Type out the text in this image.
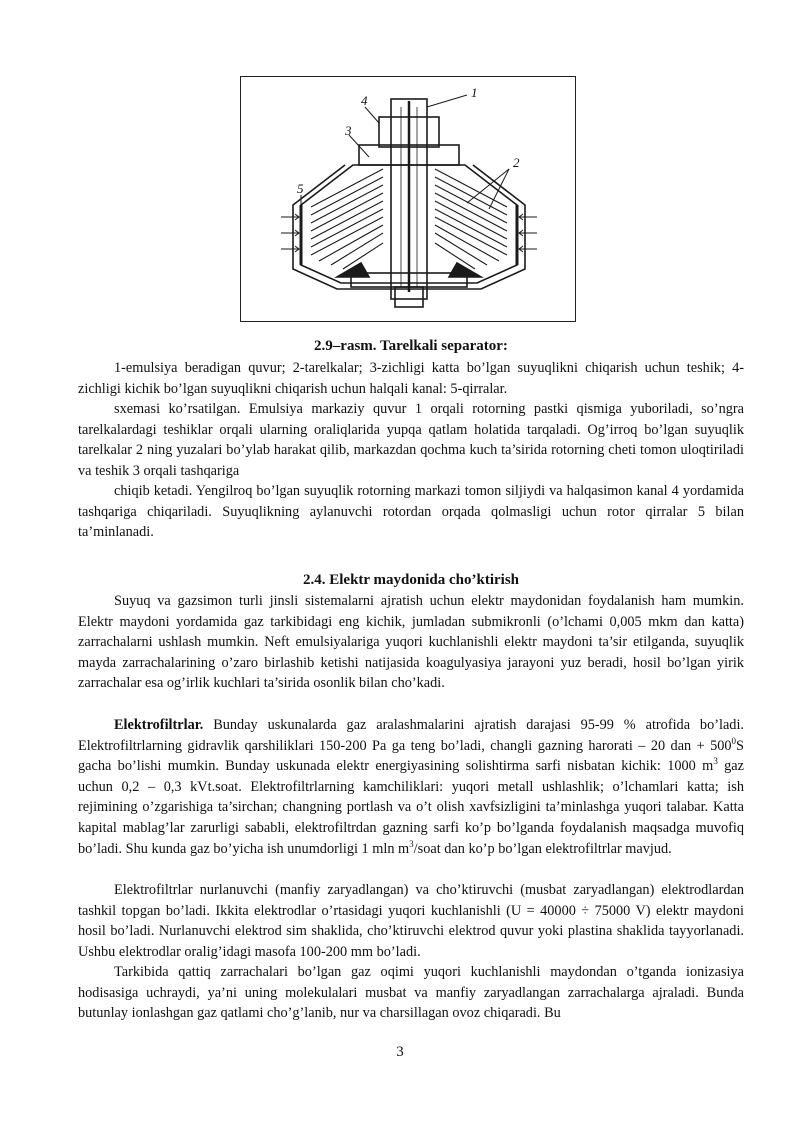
1
2
3
4
5
2.9–rasm. Tarelkali separator:
1-emulsiya beradigan quvur; 2-tarelkalar; 3-zichligi katta bo’lgan suyuqlikni chiqarish uchun teshik; 4-zichligi kichik bo’lgan suyuqlikni chiqarish uchun halqali kanal: 5-qirralar.
sxemasi ko’rsatilgan. Emulsiya markaziy quvur 1 orqali rotorning pastki qismiga yuboriladi, so’ngra tarelkalardagi teshiklar orqali ularning oraliqlarida yupqa qatlam holatida tarqaladi. Og’irroq bo’lgan suyuqlik tarelkalar 2 ning yuzalari bo’ylab harakat qilib, markazdan qochma kuch ta’sirida rotorning cheti tomon uloqtiriladi va teshik 3 orqali tashqariga
chiqib ketadi. Yengilroq bo’lgan suyuqlik rotorning markazi tomon siljiydi va halqasimon kanal 4 yordamida tashqariga chiqariladi. Suyuqlikning aylanuvchi rotordan orqada qolmasligi uchun rotor qirralar 5 bilan ta’minlanadi.
2.4. Elektr maydonida cho’ktirish
Suyuq va gazsimon turli jinsli sistemalarni ajratish uchun elektr maydonidan foydalanish ham mumkin. Elektr maydoni yordamida gaz tarkibidagi eng kichik, jumladan submikronli (o’lchami 0,005 mkm dan katta) zarrachalarni ushlash mumkin. Neft emulsiyalariga yuqori kuchlanishli elektr maydoni ta’sir etilganda, suyuqlik mayda zarrachalarining o’zaro birlashib ketishi natijasida koagulyasiya jarayoni yuz beradi, hosil bo’lgan yirik zarrachalar esa og’irlik kuchlari ta’sirida osonlik bilan cho’kadi.
Elektrofiltrlar. Bunday uskunalarda gaz aralashmalarini ajratish darajasi 95-99 % atrofida bo’ladi. Elektrofiltrlarning gidravlik qarshiliklari 150-200 Pa ga teng bo’ladi, changli gazning harorati – 20 dan + $500^0S$ gacha bo’lishi mumkin. Bunday uskunada elektr energiyasining solishtirma sarfi nisbatan kichik: 1000 $m^3$ gaz uchun 0,2 – 0,3 kVt.soat. Elektrofiltrlarning kamchiliklari: yuqori metall ushlashlik; o’lchamlari katta; ish rejimining o’zgarishiga ta’sirchan; changning portlash va o’t olish xavfsizligini ta’minlashga yuqori talabar. Katta kapital mablag’lar zarurligi sababli, elektrofiltrdan gazning sarfi ko’p bo’lganda foydalanish maqsadga muvofiq bo’ladi. Shu kunda gaz bo’yicha ish unumdorligi 1 mln $m^3$/soat dan ko’p bo’lgan elektrofiltrlar mavjud.
Elektrofiltrlar nurlanuvchi (manfiy zaryadlangan) va cho’ktiruvchi (musbat zaryadlangan) elektrodlardan tashkil topgan bo’ladi. Ikkita elektrodlar o’rtasidagi yuqori kuchlanishli (U = 40000 ÷ 75000 V) elektr maydoni hosil bo’ladi. Nurlanuvchi elektrod sim shaklida, cho’ktiruvchi elektrod quvur yoki plastina shaklida tayyorlanadi. Ushbu elektrodlar oralig’idagi masofa 100-200 mm bo’ladi.
Tarkibida qattiq zarrachalari bo’lgan gaz oqimi yuqori kuchlanishli maydondan o’tganda ionizasiya hodisasiga uchraydi, ya’ni uning molekulalari musbat va manfiy zaryadlangan zarrachalarga ajraladi. Bunda butunlay ionlashgan gaz qatlami cho’g’lanib, nur va charsillagan ovoz chiqaradi. Bu
3
